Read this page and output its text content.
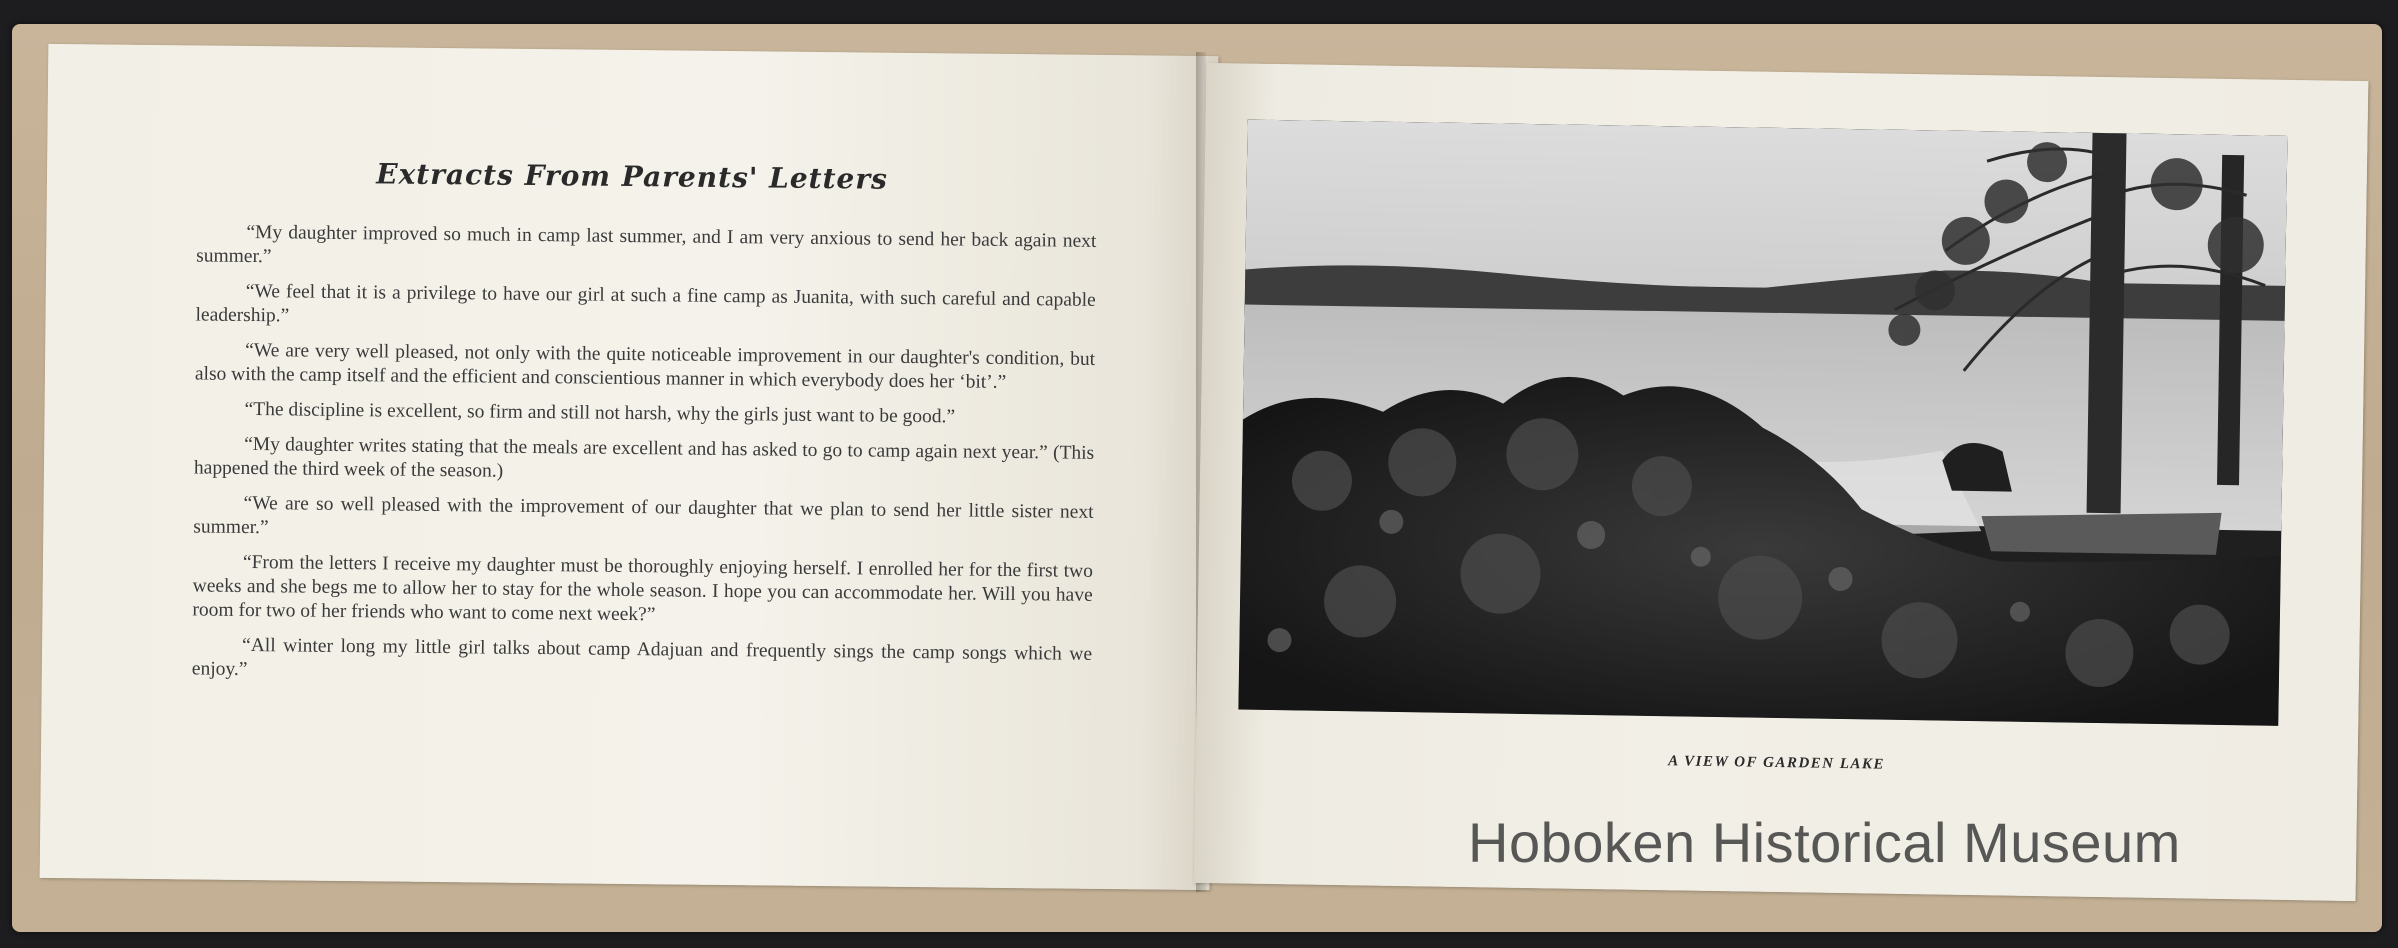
Extracts From Parents' Letters

“My daughter improved so much in camp last summer, and I am very anxious to send her back again next summer.”

“We feel that it is a privilege to have our girl at such a fine camp as Juanita, with such careful and capable leadership.”

“We are very well pleased, not only with the quite noticeable improvement in our daughter's condition, but also with the camp itself and the efficient and conscientious manner in which everybody does her ‘bit’.”

“The discipline is excellent, so firm and still not harsh, why the girls just want to be good.”

“My daughter writes stating that the meals are excellent and has asked to go to camp again next year.” (This happened the third week of the season.)

“We are so well pleased with the improvement of our daughter that we plan to send her little sister next summer.”

“From the letters I receive my daughter must be thoroughly enjoying herself. I enrolled her for the first two weeks and she begs me to allow her to stay for the whole season. I hope you can accommodate her. Will you have room for two of her friends who want to come next week?”

“All winter long my little girl talks about camp Adajuan and frequently sings the camp songs which we enjoy.”

A VIEW OF GARDEN LAKE
Hoboken Historical Museum
